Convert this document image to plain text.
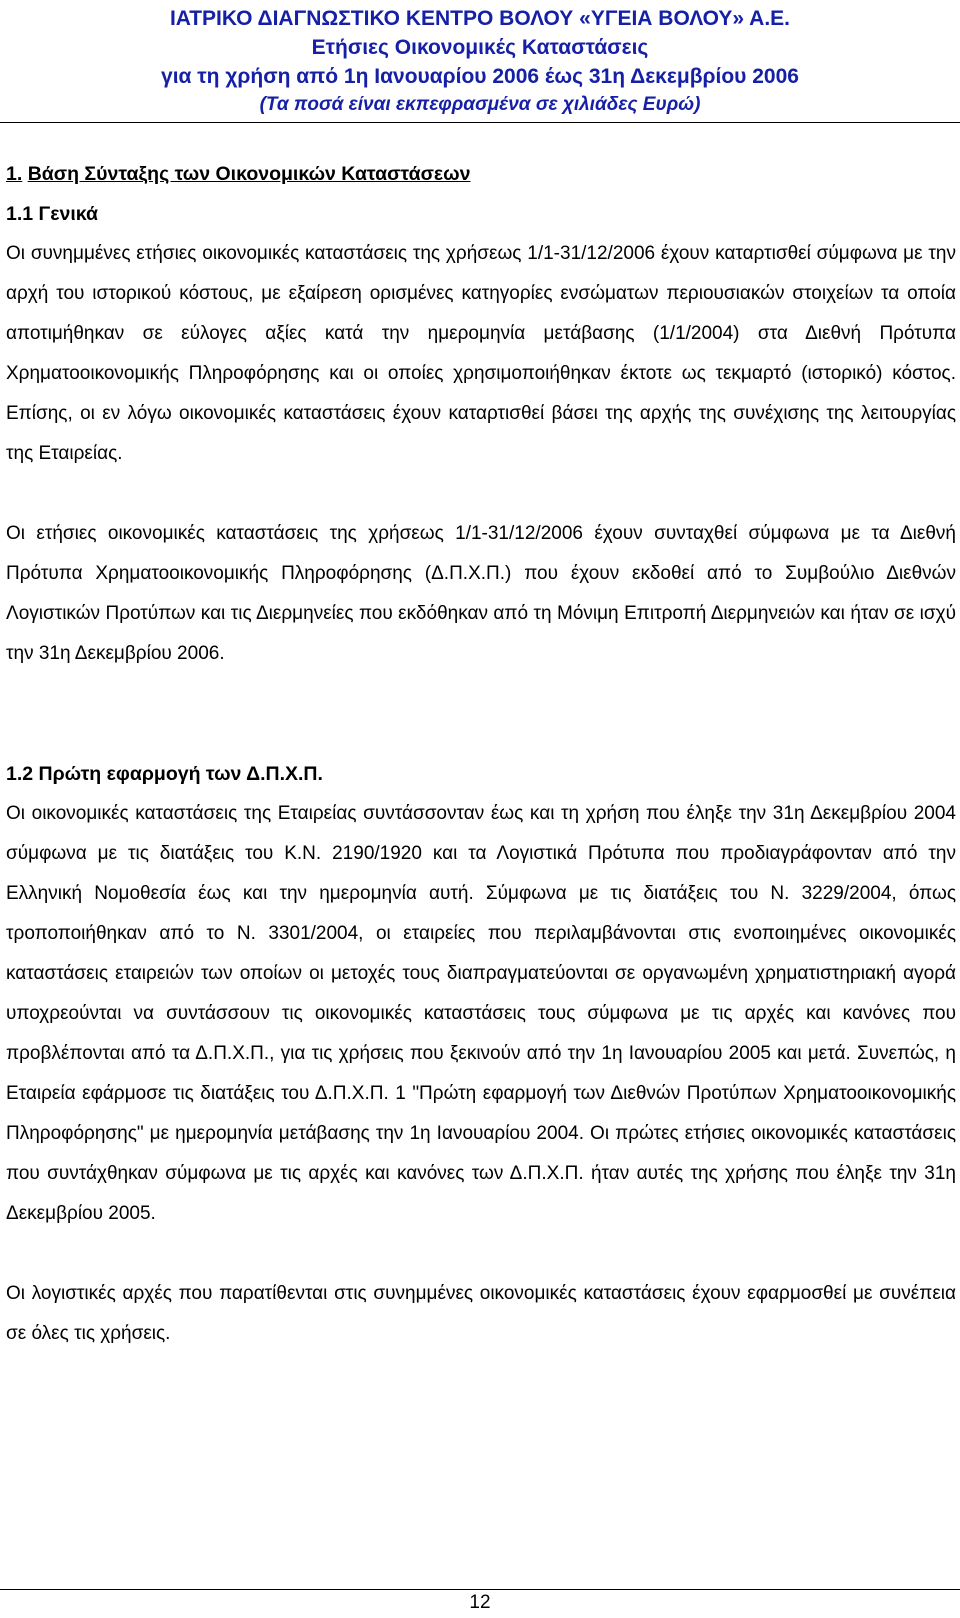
ΙΑΤΡΙΚΟ ΔΙΑΓΝΩΣΤΙΚΟ ΚΕΝΤΡΟ ΒΟΛΟΥ «ΥΓΕΙΑ ΒΟΛΟΥ» Α.Ε.
Ετήσιες Οικονομικές Καταστάσεις
για τη χρήση από 1η Ιανουαρίου 2006 έως 31η Δεκεμβρίου 2006
(Τα ποσά είναι εκπεφρασμένα σε χιλιάδες Ευρώ)
1. Βάση Σύνταξης των Οικονομικών Καταστάσεων
1.1 Γενικά

Οι συνημμένες ετήσιες οικονομικές καταστάσεις της χρήσεως 1/1-31/12/2006 έχουν καταρτισθεί σύμφωνα με την αρχή του ιστορικού κόστους, με εξαίρεση ορισμένες κατηγορίες ενσώματων περιουσιακών στοιχείων τα οποία αποτιμήθηκαν σε εύλογες αξίες κατά την ημερομηνία μετάβασης (1/1/2004) στα Διεθνή Πρότυπα Χρηματοοικονομικής Πληροφόρησης και οι οποίες χρησιμοποιήθηκαν έκτοτε ως τεκμαρτό (ιστορικό) κόστος. Επίσης, οι εν λόγω οικονομικές καταστάσεις έχουν καταρτισθεί βάσει της αρχής της συνέχισης της λειτουργίας της Εταιρείας.

Οι ετήσιες οικονομικές καταστάσεις της χρήσεως 1/1-31/12/2006 έχουν συνταχθεί σύμφωνα με τα Διεθνή Πρότυπα Χρηματοοικονομικής Πληροφόρησης (Δ.Π.Χ.Π.) που έχουν εκδοθεί από το Συμβούλιο Διεθνών Λογιστικών Προτύπων και τις Διερμηνείες που εκδόθηκαν από τη Μόνιμη Επιτροπή Διερμηνειών και ήταν σε ισχύ την 31η Δεκεμβρίου 2006.

1.2 Πρώτη εφαρμογή των Δ.Π.Χ.Π.

Οι οικονομικές καταστάσεις της Εταιρείας συντάσσονταν έως και τη χρήση που έληξε την 31η Δεκεμβρίου 2004 σύμφωνα με τις διατάξεις του Κ.Ν. 2190/1920 και τα Λογιστικά Πρότυπα που προδιαγράφονταν από την Ελληνική Νομοθεσία έως και την ημερομηνία αυτή. Σύμφωνα με τις διατάξεις του Ν. 3229/2004, όπως τροποποιήθηκαν από το Ν. 3301/2004, οι εταιρείες που περιλαμβάνονται στις ενοποιημένες οικονομικές καταστάσεις εταιρειών των οποίων οι μετοχές τους διαπραγματεύονται σε οργανωμένη χρηματιστηριακή αγορά υποχρεούνται να συντάσσουν τις οικονομικές καταστάσεις τους σύμφωνα με τις αρχές και κανόνες που προβλέπονται από τα Δ.Π.Χ.Π., για τις χρήσεις που ξεκινούν από την 1η Ιανουαρίου 2005 και μετά. Συνεπώς, η Εταιρεία εφάρμοσε τις διατάξεις του Δ.Π.Χ.Π. 1 "Πρώτη εφαρμογή των Διεθνών Προτύπων Χρηματοοικονομικής Πληροφόρησης" με ημερομηνία μετάβασης την 1η Ιανουαρίου 2004. Οι πρώτες ετήσιες οικονομικές καταστάσεις που συντάχθηκαν σύμφωνα με τις αρχές και κανόνες των Δ.Π.Χ.Π. ήταν αυτές της χρήσης που έληξε την 31η Δεκεμβρίου 2005.

Οι λογιστικές αρχές που παρατίθενται στις συνημμένες οικονομικές καταστάσεις έχουν εφαρμοσθεί με συνέπεια σε όλες τις χρήσεις.

12
